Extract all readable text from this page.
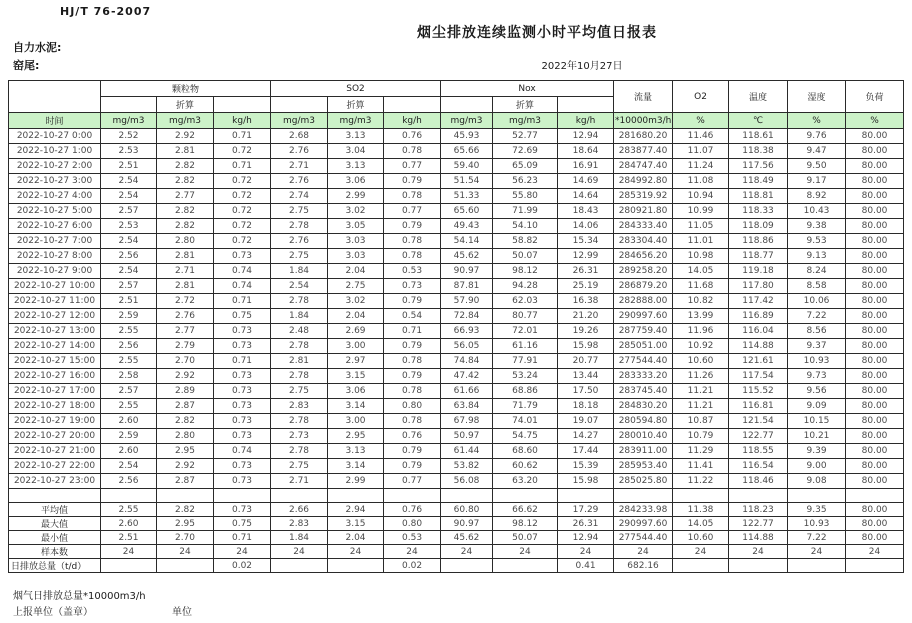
HJ/T 76-2007
烟尘排放连续监测小时平均值日报表
自力水泥:
窑尾:	2022年10月27日
	颗粒物			SO2			Nox			流量	O2	温度	湿度	负荷
		折算			折算			折算						
时间	mg/m3	mg/m3	kg/h	mg/m3	mg/m3	kg/h	mg/m3	mg/m3	kg/h	*10000m3/h	%	℃	%	%
2022-10-27 0:00	2.52	2.92	0.71	2.68	3.13	0.76	45.93	52.77	12.94	281680.20	11.46	118.61	9.76	80.00
2022-10-27 1:00	2.53	2.81	0.72	2.76	3.04	0.78	65.66	72.69	18.64	283877.40	11.07	118.38	9.47	80.00
2022-10-27 2:00	2.51	2.82	0.71	2.71	3.13	0.77	59.40	65.09	16.91	284747.40	11.24	117.56	9.50	80.00
2022-10-27 3:00	2.54	2.82	0.72	2.76	3.06	0.79	51.54	56.23	14.69	284992.80	11.08	118.49	9.17	80.00
2022-10-27 4:00	2.54	2.77	0.72	2.74	2.99	0.78	51.33	55.80	14.64	285319.92	10.94	118.81	8.92	80.00
2022-10-27 5:00	2.57	2.82	0.72	2.75	3.02	0.77	65.60	71.99	18.43	280921.80	10.99	118.33	10.43	80.00
2022-10-27 6:00	2.53	2.82	0.72	2.78	3.05	0.79	49.43	54.10	14.06	284333.40	11.05	118.09	9.38	80.00
2022-10-27 7:00	2.54	2.80	0.72	2.76	3.03	0.78	54.14	58.82	15.34	283304.40	11.01	118.86	9.53	80.00
2022-10-27 8:00	2.56	2.81	0.73	2.75	3.03	0.78	45.62	50.07	12.99	284656.20	10.98	118.77	9.13	80.00
2022-10-27 9:00	2.54	2.71	0.74	1.84	2.04	0.53	90.97	98.12	26.31	289258.20	14.05	119.18	8.24	80.00
2022-10-27 10:00	2.57	2.81	0.74	2.54	2.75	0.73	87.81	94.28	25.19	286879.20	11.68	117.80	8.58	80.00
2022-10-27 11:00	2.51	2.72	0.71	2.78	3.02	0.79	57.90	62.03	16.38	282888.00	10.82	117.42	10.06	80.00
2022-10-27 12:00	2.59	2.76	0.75	1.84	2.04	0.54	72.84	80.77	21.20	290997.60	13.99	116.89	7.22	80.00
2022-10-27 13:00	2.55	2.77	0.73	2.48	2.69	0.71	66.93	72.01	19.26	287759.40	11.96	116.04	8.56	80.00
2022-10-27 14:00	2.56	2.79	0.73	2.78	3.00	0.79	56.05	61.16	15.98	285051.00	10.92	114.88	9.37	80.00
2022-10-27 15:00	2.55	2.70	0.71	2.81	2.97	0.78	74.84	77.91	20.77	277544.40	10.60	121.61	10.93	80.00
2022-10-27 16:00	2.58	2.92	0.73	2.78	3.15	0.79	47.42	53.24	13.44	283333.20	11.26	117.54	9.73	80.00
2022-10-27 17:00	2.57	2.89	0.73	2.75	3.06	0.78	61.66	68.86	17.50	283745.40	11.21	115.52	9.56	80.00
2022-10-27 18:00	2.55	2.87	0.73	2.83	3.14	0.80	63.84	71.79	18.18	284830.20	11.21	116.81	9.09	80.00
2022-10-27 19:00	2.60	2.82	0.73	2.78	3.00	0.78	67.98	74.01	19.07	280594.80	10.87	121.54	10.15	80.00
2022-10-27 20:00	2.59	2.80	0.73	2.73	2.95	0.76	50.97	54.75	14.27	280010.40	10.79	122.77	10.21	80.00
2022-10-27 21:00	2.60	2.95	0.74	2.78	3.13	0.79	61.44	68.60	17.44	283911.00	11.29	118.55	9.39	80.00
2022-10-27 22:00	2.54	2.92	0.73	2.75	3.14	0.79	53.82	60.62	15.39	285953.40	11.41	116.54	9.00	80.00
2022-10-27 23:00	2.56	2.87	0.73	2.71	2.99	0.77	56.08	63.20	15.98	285025.80	11.22	118.46	9.08	80.00

平均值	2.55	2.82	0.73	2.66	2.94	0.76	60.80	66.62	17.29	284233.98	11.38	118.23	9.35	80.00
最大值	2.60	2.95	0.75	2.83	3.15	0.80	90.97	98.12	26.31	290997.60	14.05	122.77	10.93	80.00
最小值	2.51	2.70	0.71	1.84	2.04	0.53	45.62	50.07	12.94	277544.40	10.60	114.88	7.22	80.00
样本数	24	24	24	24	24	24	24	24	24	24	24	24	24	24
日排放总量（t/d）			0.02			0.02			0.41	682.16				
烟气日排放总量*10000m3/h
上报单位（盖章）	单位
